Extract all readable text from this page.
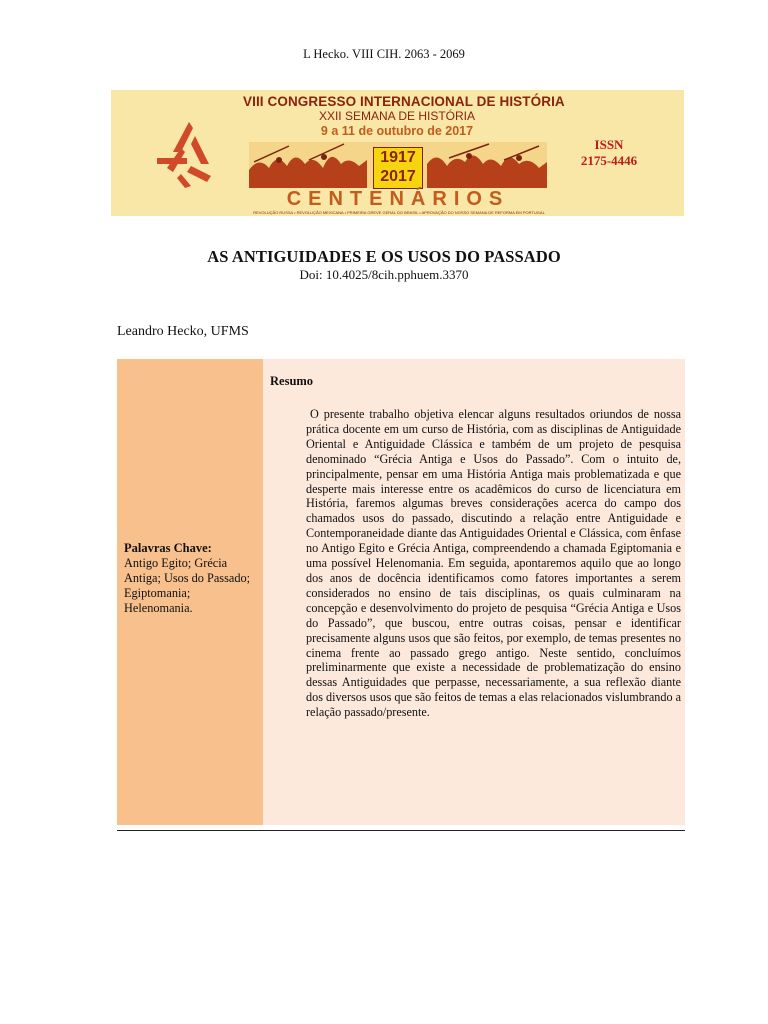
L Hecko. VIII CIH. 2063 - 2069
VIII CONGRESSO INTERNACIONAL DE HISTÓRIA
XXII SEMANA DE HISTÓRIA
9 a 11 de outubro de 2017
1917
2017
CENTENÁRIOS
REVOLUÇÃO RUSSA • REVOLUÇÃO MEXICANA • PRIMEIRA GREVE GERAL DO BRASIL • APROVAÇÃO DO NOSSO SEMANA DE REFORMA EM PORTUGAL
ISSN
2175-4446
AS ANTIGUIDADES E OS USOS DO PASSADO
Doi: 10.4025/8cih.pphuem.3370
Leandro Hecko, UFMS
Palavras Chave:
Antigo Egito; Grécia Antiga; Usos do Passado; Egiptomania; Helenomania.
Resumo

O presente trabalho objetiva elencar alguns resultados oriundos de nossa prática docente em um curso de História, com as disciplinas de Antiguidade Oriental e Antiguidade Clássica e também de um projeto de pesquisa denominado “Grécia Antiga e Usos do Passado”. Com o intuito de, principalmente, pensar em uma História Antiga mais problematizada e que desperte mais interesse entre os acadêmicos do curso de licenciatura em História, faremos algumas breves considerações acerca do campo dos chamados usos do passado, discutindo a relação entre Antiguidade e Contemporaneidade diante das Antiguidades Oriental e Clássica, com ênfase no Antigo Egito e Grécia Antiga, compreendendo a chamada Egiptomania e uma possível Helenomania. Em seguida, apontaremos aquilo que ao longo dos anos de docência identificamos como fatores importantes a serem considerados no ensino de tais disciplinas, os quais culminaram na concepção e desenvolvimento do projeto de pesquisa “Grécia Antiga e Usos do Passado”, que buscou, entre outras coisas, pensar e identificar precisamente alguns usos que são feitos, por exemplo, de temas presentes no cinema frente ao passado grego antigo. Neste sentido, concluímos preliminarmente que existe a necessidade de problematização do ensino dessas Antiguidades que perpasse, necessariamente, a sua reflexão diante dos diversos usos que são feitos de temas a elas relacionados vislumbrando a relação passado/presente.
